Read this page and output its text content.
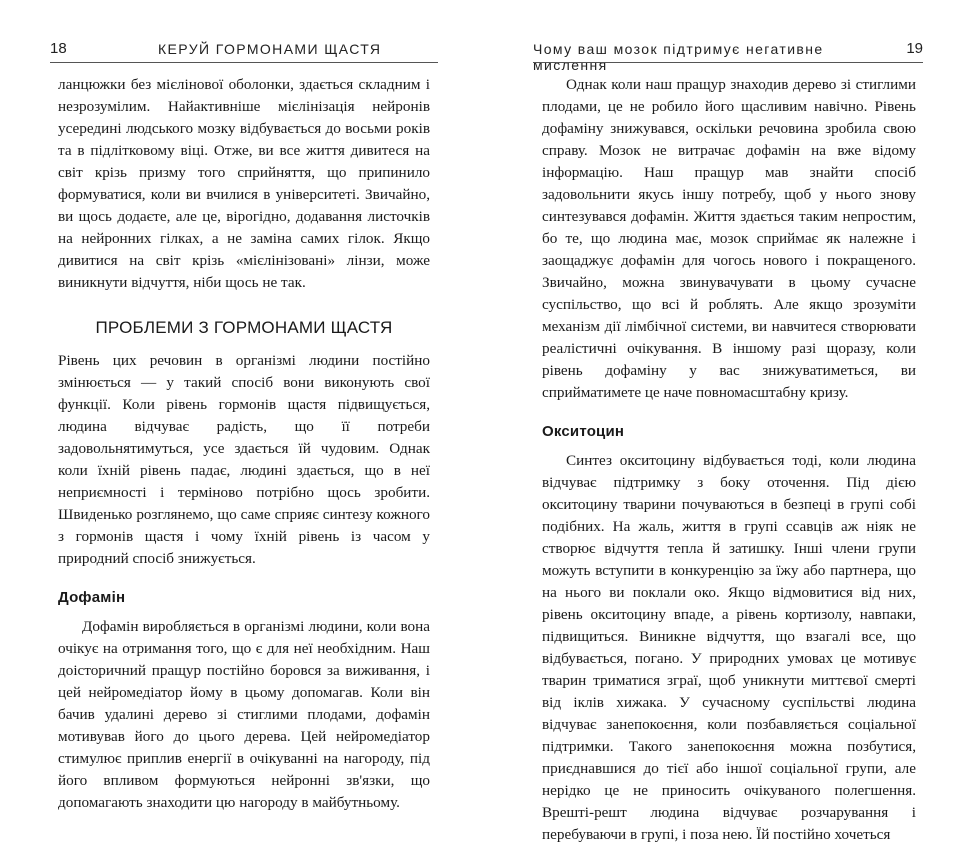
18	КЕРУЙ ГОРМОНАМИ ЩАСТЯ

ланцюжки без мієлінової оболонки, здається складним і незрозумілим. Найактивніше мієлінізація нейронів усередині людського мозку відбувається до восьми років та в підлітковому віці. Отже, ви все життя дивитеся на світ крізь призму того сприйняття, що припинило формуватися, коли ви вчилися в університеті. Звичайно, ви щось додаєте, але це, вірогідно, додавання листочків на нейронних гілках, а не заміна самих гілок. Якщо дивитися на світ крізь «мієлінізовані» лінзи, може виникнути відчуття, ніби щось не так.

ПРОБЛЕМИ З ГОРМОНАМИ ЩАСТЯ

Рівень цих речовин в організмі людини постійно змінюється — у такий спосіб вони виконують свої функції. Коли рівень гормонів щастя підвищується, людина відчуває радість, що її потреби задовольнятимуться, усе здається їй чудовим. Однак коли їхній рівень падає, людині здається, що в неї неприємності і терміново потрібно щось зробити. Швиденько розглянемо, що саме сприяє синтезу кожного з гормонів щастя і чому їхній рівень із часом у природний спосіб знижується.

Дофамін

Дофамін виробляється в організмі людини, коли вона очікує на отримання того, що є для неї необхідним. Наш доісторичний пращур постійно боровся за виживання, і цей нейромедіатор йому в цьому допомагав. Коли він бачив удалині дерево зі стиглими плодами, дофамін мотивував його до цього дерева. Цей нейромедіатор стимулює приплив енергії в очікуванні на нагороду, під його впливом формуються нейронні зв'язки, що допомагають знаходити цю нагороду в майбутньому.

Чому ваш мозок підтримує негативне мислення
19

Однак коли наш пращур знаходив дерево зі стиглими плодами, це не робило його щасливим навічно. Рівень дофаміну знижувався, оскільки речовина зробила свою справу. Мозок не витрачає дофамін на вже відому інформацію. Наш пращур мав знайти спосіб задовольнити якусь іншу потребу, щоб у нього знову синтезувався дофамін. Життя здається таким непростим, бо те, що людина має, мозок сприймає як належне і заощаджує дофамін для чогось нового і покращеного. Звичайно, можна звинувачувати в цьому сучасне суспільство, що всі й роблять. Але якщо зрозуміти механізм дії лімбічної системи, ви навчитеся створювати реалістичні очікування. В іншому разі щоразу, коли рівень дофаміну у вас знижуватиметься, ви сприйматимете це наче повномасштабну кризу.

Окситоцин

Синтез окситоцину відбувається тоді, коли людина відчуває підтримку з боку оточення. Під дією окситоцину тварини почуваються в безпеці в групі собі подібних. На жаль, життя в групі ссавців аж ніяк не створює відчуття тепла й затишку. Інші члени групи можуть вступити в конкуренцію за їжу або партнера, що на нього ви поклали око. Якщо відмовитися від них, рівень окситоцину впаде, а рівень кортизолу, навпаки, підвищиться. Виникне відчуття, що взагалі все, що відбувається, погано. У природних умовах це мотивує тварин триматися зграї, щоб уникнути миттєвої смерті від іклів хижака. У сучасному суспільстві людина відчуває занепокоєння, коли позбавляється соціальної підтримки. Такого занепокоєння можна позбутися, приєднавшися до тієї або іншої соціальної групи, але нерідко це не приносить очікуваного полегшення. Врешті-решт людина відчуває розчарування і перебуваючи в групі, і поза нею. Їй постійно хочеться
